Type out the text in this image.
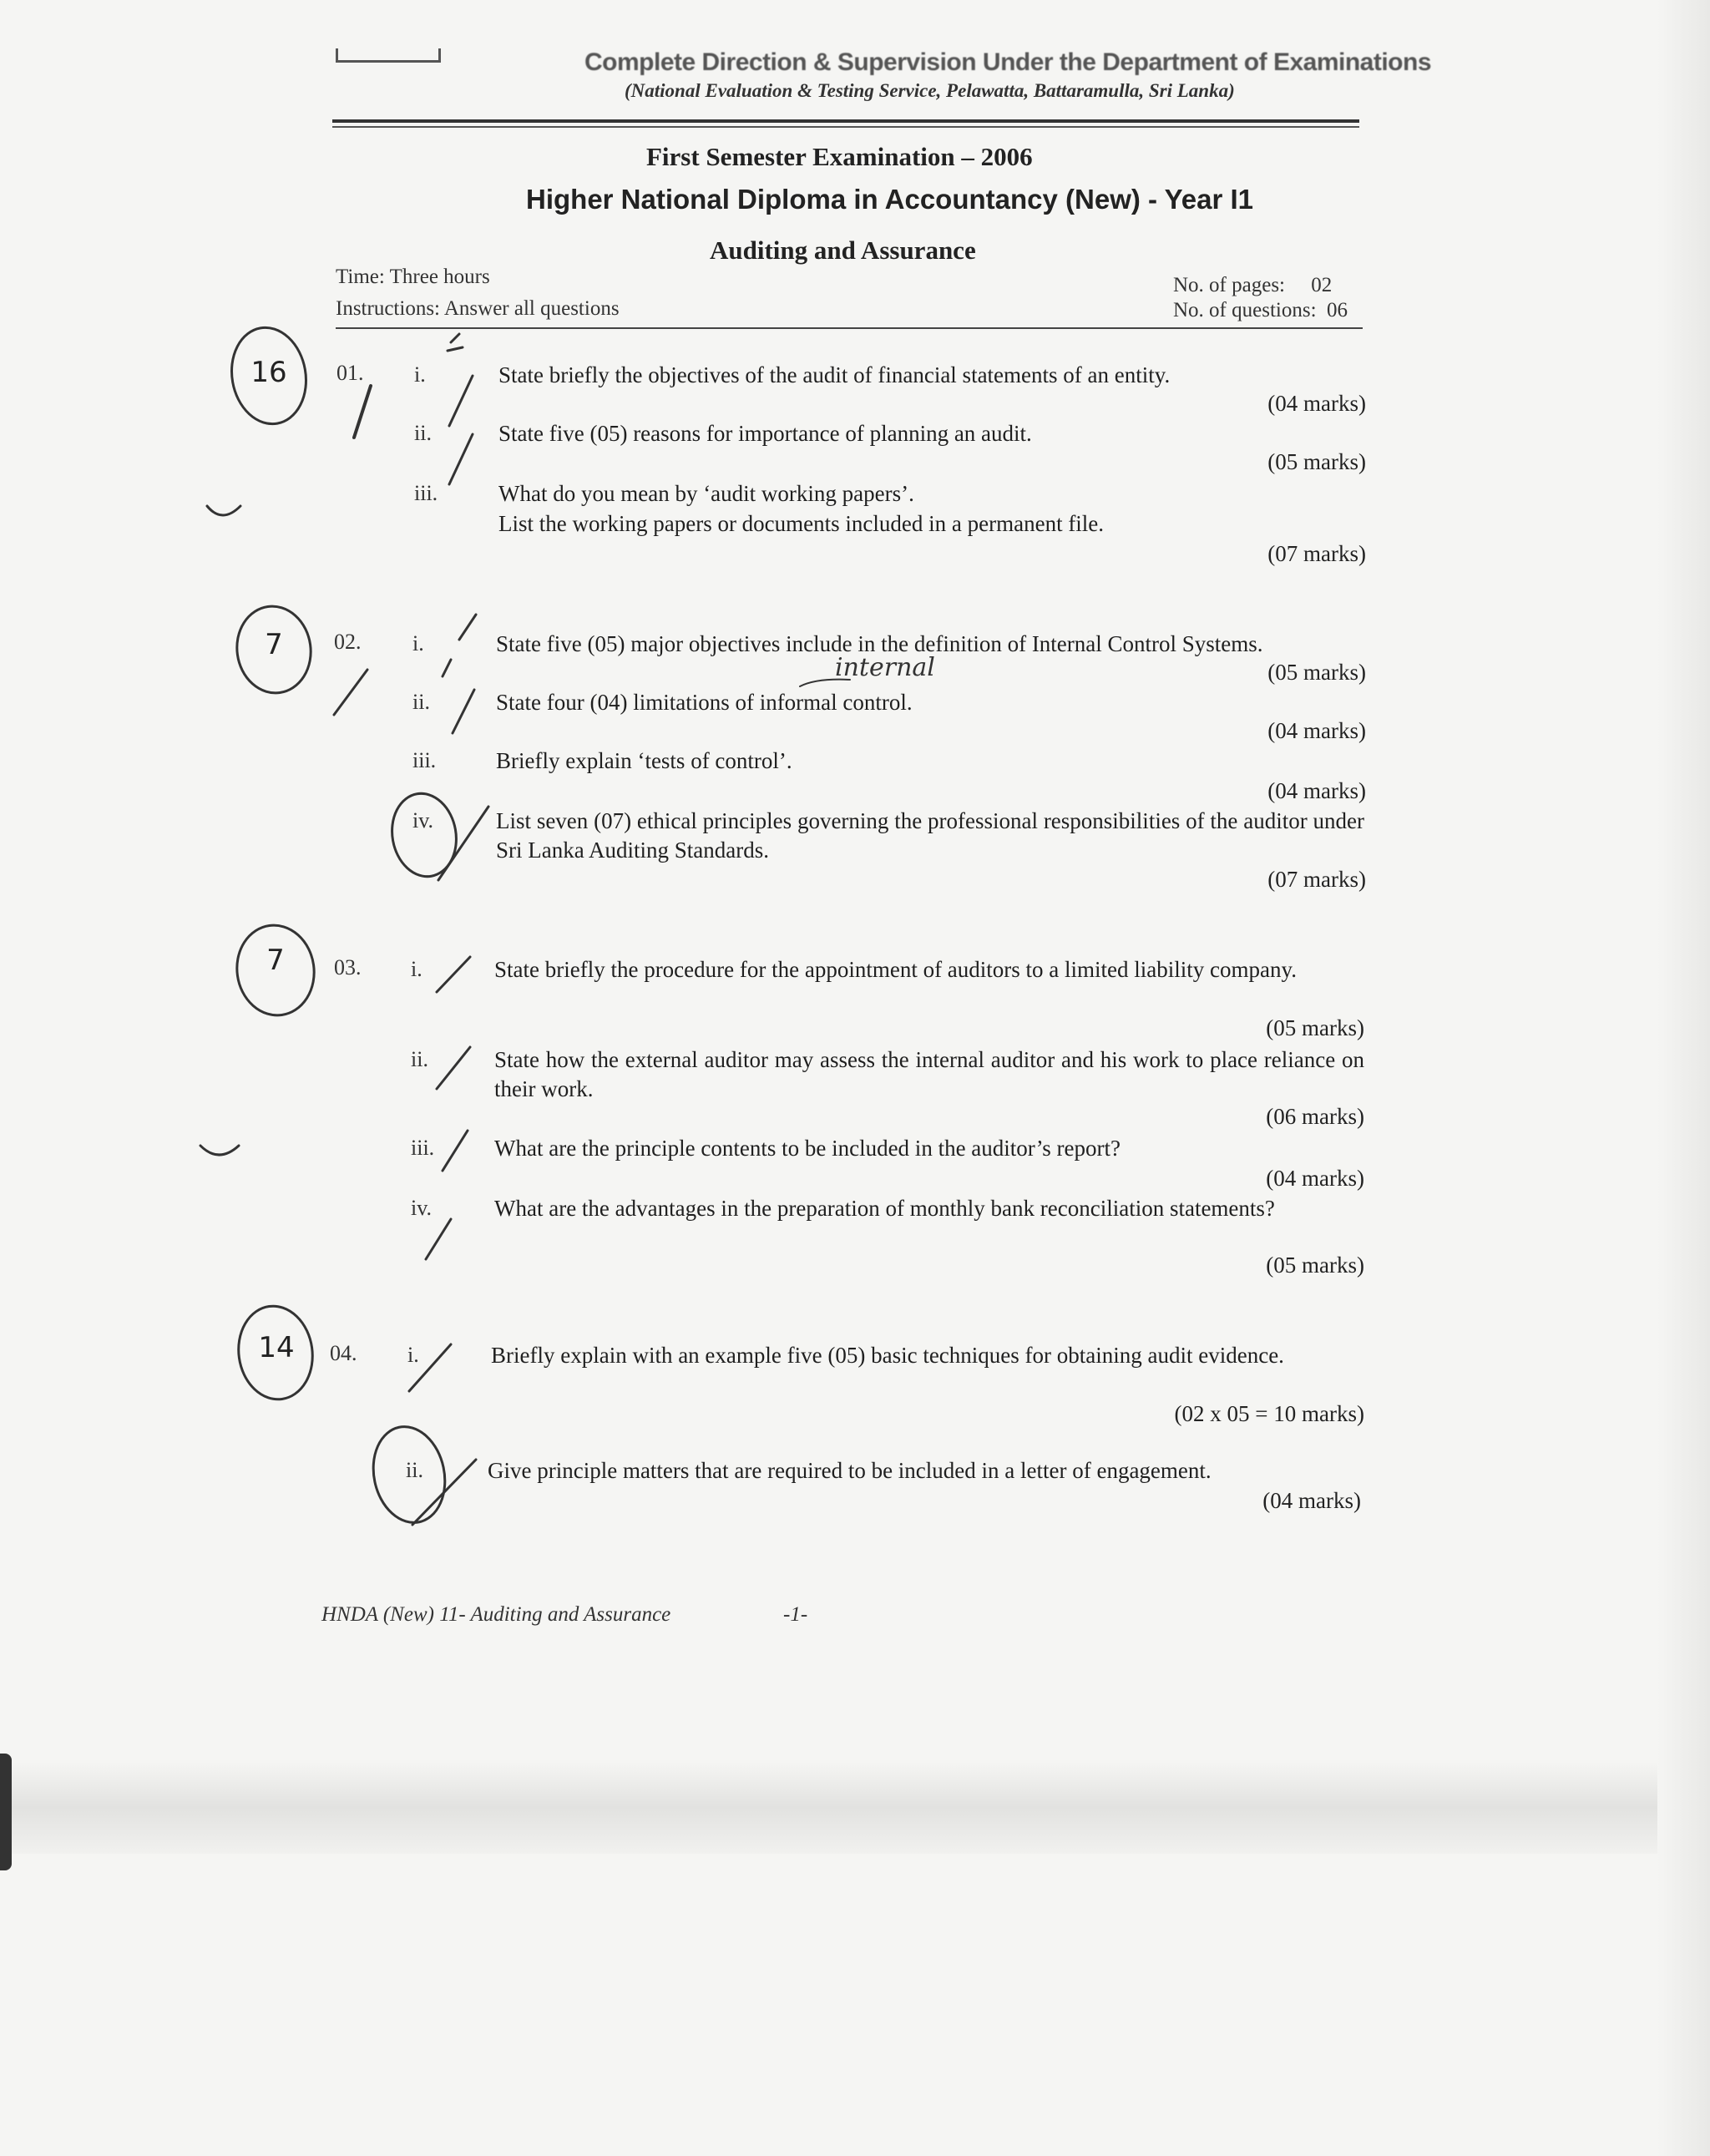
Complete Direction & Supervision Under the Department of Examinations
(National Evaluation & Testing Service, Pelawatta, Battaramulla, Sri Lanka)
First Semester Examination – 2006
Higher National Diploma in Accountancy (New) - Year I1
Auditing and Assurance
Time: Three hours
Instructions: Answer all questions
No. of pages:     02
No. of questions:  06
01. i.	State briefly the objectives of the audit of financial statements of an entity.
(04 marks)
ii.	State five (05) reasons for importance of planning an audit.
(05 marks)
iii.	What do you mean by ‘audit working papers’.
List the working papers or documents included in a permanent file.
(07 marks)
02. i.	State five (05) major objectives include in the definition of Internal Control Systems.
internal	(05 marks)
ii.	State four (04) limitations of informal control.
(04 marks)
iii.	Briefly explain ‘tests of control’.
(04 marks)
iv.	List seven (07) ethical principles governing the professional responsibilities of the auditor under Sri Lanka Auditing Standards.
(07 marks)
03. i.	State briefly the procedure for the appointment of auditors to a limited liability company.
(05 marks)
ii.	State how the external auditor may assess the internal auditor and his work to place reliance on their work.
(06 marks)
iii.	What are the principle contents to be included in the auditor’s report?
(04 marks)
iv.	What are the advantages in the preparation of monthly bank reconciliation statements?
(05 marks)
04. i.	Briefly explain with an example five (05) basic techniques for obtaining audit evidence.
(02 x 05 = 10 marks)
ii.	Give principle matters that are required to be included in a letter of engagement.
(04 marks)
HNDA (New) 11- Auditing and Assurance	-1-
16
7
7
14
